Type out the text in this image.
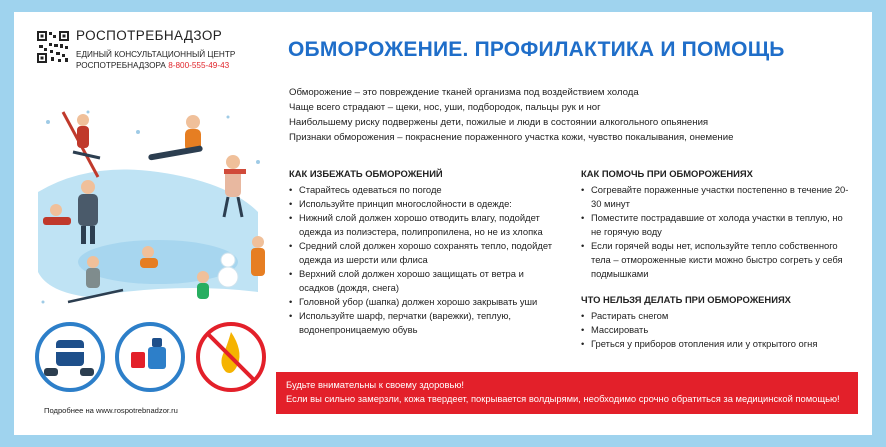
РОСПОТРЕБНАДЗОР
ЕДИНЫЙ КОНСУЛЬТАЦИОННЫЙ ЦЕНТР
РОСПОТРЕБНАДЗОРА 8-800-555-49-43
ОБМОРОЖЕНИЕ. ПРОФИЛАКТИКА И ПОМОЩЬ
Обморожение – это повреждение тканей организма под воздействием холода
Чаще всего страдают – щеки, нос, уши, подбородок, пальцы рук и ног
Наибольшему риску подвержены дети, пожилые и люди в состоянии алкогольного опьянения
Признаки обморожения – покраснение пораженного участка кожи, чувство покалывания, онемение
КАК ИЗБЕЖАТЬ ОБМОРОЖЕНИЙ
• Старайтесь одеваться по погоде
• Используйте принцип многослойности в одежде:
• Нижний слой должен хорошо отводить влагу, подойдет одежда из полиэстера, полипропилена, но не из хлопка
• Средний слой должен хорошо сохранять тепло, подойдет одежда из шерсти или флиса
• Верхний слой должен хорошо защищать от ветра и осадков (дождя, снега)
• Головной убор (шапка) должен хорошо закрывать уши
• Используйте шарф, перчатки (варежки), теплую, водонепроницаемую обувь
КАК ПОМОЧЬ ПРИ ОБМОРОЖЕНИЯХ
• Согревайте пораженные участки постепенно в течение 20-30 минут
• Поместите пострадавшие от холода участки в теплую, но не горячую воду
• Если горячей воды нет, используйте тепло собственного тела – отмороженные кисти можно быстро согреть у себя подмышками
ЧТО НЕЛЬЗЯ ДЕЛАТЬ ПРИ ОБМОРОЖЕНИЯХ
• Растирать снегом
• Массировать
• Греться у приборов отопления или у открытого огня
Будьте внимательны к своему здоровью!
Если вы сильно замерзли, кожа твердеет, покрывается волдырями, необходимо срочно обратиться за медицинской помощью!
Подробнее на www.rospotrebnadzor.ru
